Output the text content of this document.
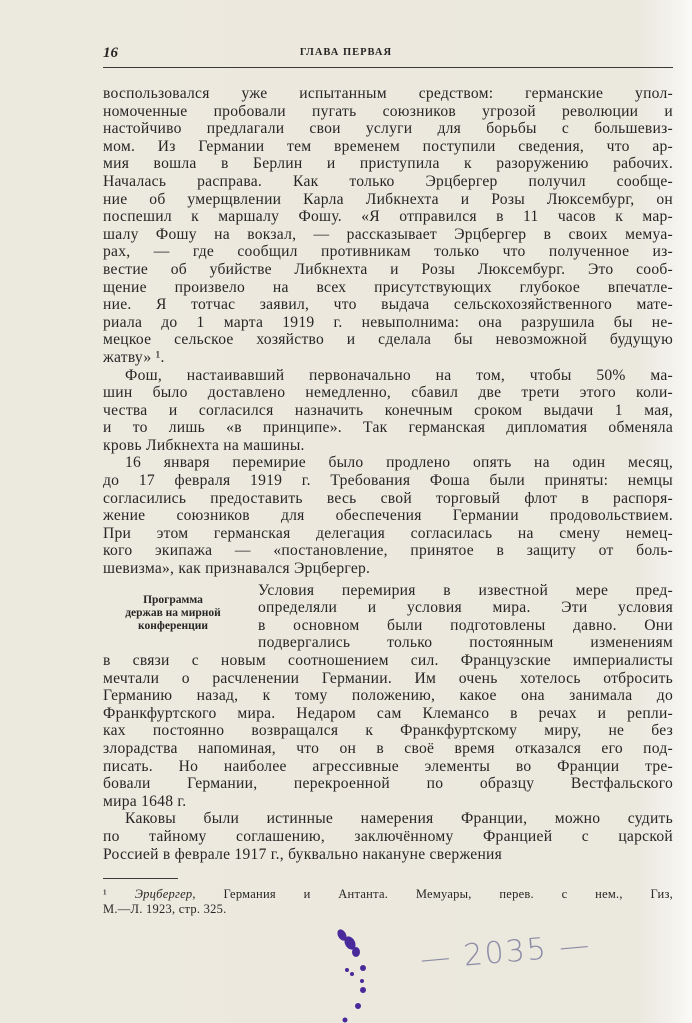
16	ГЛАВА ПЕРВАЯ
воспользовался уже испытанным средством: германские упол-
номоченные пробовали пугать союзников угрозой революции и
настойчиво предлагали свои услуги для борьбы с большевиз-
мом. Из Германии тем временем поступили сведения, что ар-
мия вошла в Берлин и приступила к разоружению рабочих.
Началась расправа. Как только Эрцбергер получил сообще-
ние об умерщвлении Карла Либкнехта и Розы Люксембург, он
поспешил к маршалу Фошу. «Я отправился в 11 часов к мар-
шалу Фошу на вокзал, — рассказывает Эрцбергер в своих мемуа-
рах, — где сообщил противникам только что полученное из-
вестие об убийстве Либкнехта и Розы Люксембург. Это сооб-
щение произвело на всех присутствующих глубокое впечатле-
ние. Я тотчас заявил, что выдача сельскохозяйственного мате-
риала до 1 марта 1919 г. невыполнима: она разрушила бы не-
мецкое сельское хозяйство и сделала бы невозможной будущую
жатву» ¹.
Фош, настаивавший первоначально на том, чтобы 50% ма-
шин было доставлено немедленно, сбавил две трети этого коли-
чества и согласился назначить конечным сроком выдачи 1 мая,
и то лишь «в принципе». Так германская дипломатия обменяла
кровь Либкнехта на машины.
16 января перемирие было продлено опять на один месяц,
до 17 февраля 1919 г. Требования Фоша были приняты: немцы
согласились предоставить весь свой торговый флот в распоря-
жение союзников для обеспечения Германии продовольствием.
При этом германская делегация согласилась на смену немец-
кого экипажа — «постановление, принятое в защиту от боль-
шевизма», как признавался Эрцбергер.
Программа
держав на мирной
конференции
Условия перемирия в известной мере пред-
определяли и условия мира. Эти условия
в основном были подготовлены давно. Они
подвергались только постоянным изменениям
в связи с новым соотношением сил. Французские империалисты
мечтали о расчленении Германии. Им очень хотелось отбросить
Германию назад, к тому положению, какое она занимала до
Франкфуртского мира. Недаром сам Клемансо в речах и репли-
ках постоянно возвращался к Франкфуртскому миру, не без
злорадства напоминая, что он в своё время отказался его под-
писать. Но наиболее агрессивные элементы во Франции тре-
бовали Германии, перекроенной по образцу Вестфальского
мира 1648 г.
Каковы были истинные намерения Франции, можно судить
по тайному соглашению, заключённому Францией с царской
Россией в феврале 1917 г., буквально накануне свержения
¹ Эрцбергер, Германия и Антанта. Мемуары, перев. с нем., Гиз,
М.—Л. 1923, стр. 325.
— 2035 —
